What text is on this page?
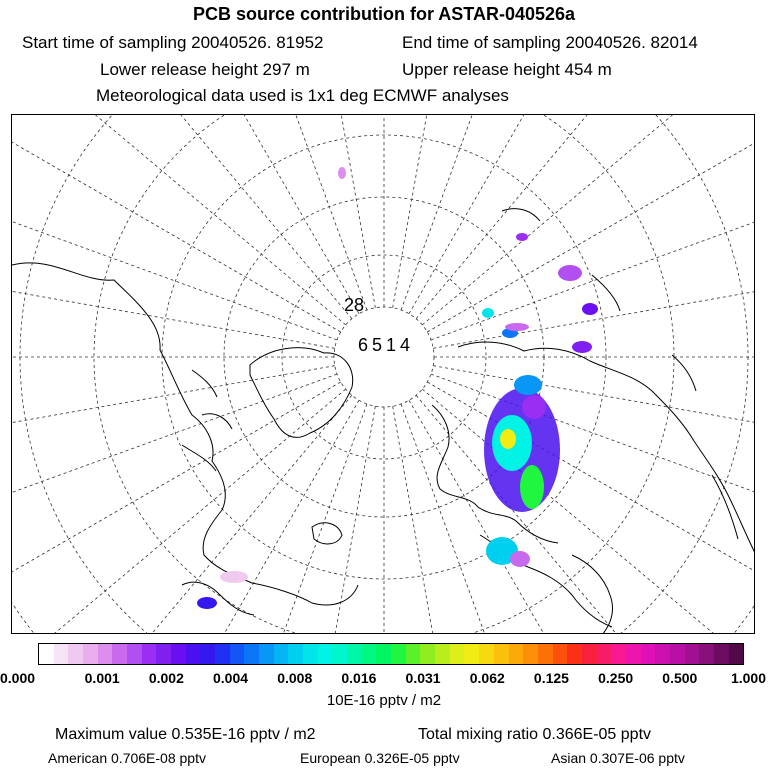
PCB source contribution for ASTAR-040526a
Start time of sampling 20040526. 81952	End time of sampling 20040526. 82014
Lower release height 297 m	Upper release height 454 m
Meteorological data used is 1x1 deg ECMWF analyses
28
6514
0.000	0.001 0.002 0.004 0.008 0.016 0.031 0.062 0.125 0.250 0.500 1.000
10E-16 pptv / m2
Maximum value 0.535E-16 pptv / m2	Total mixing ratio 0.366E-05 pptv
American 0.706E-08 pptv	European 0.326E-05 pptv	Asian 0.307E-06 pptv
